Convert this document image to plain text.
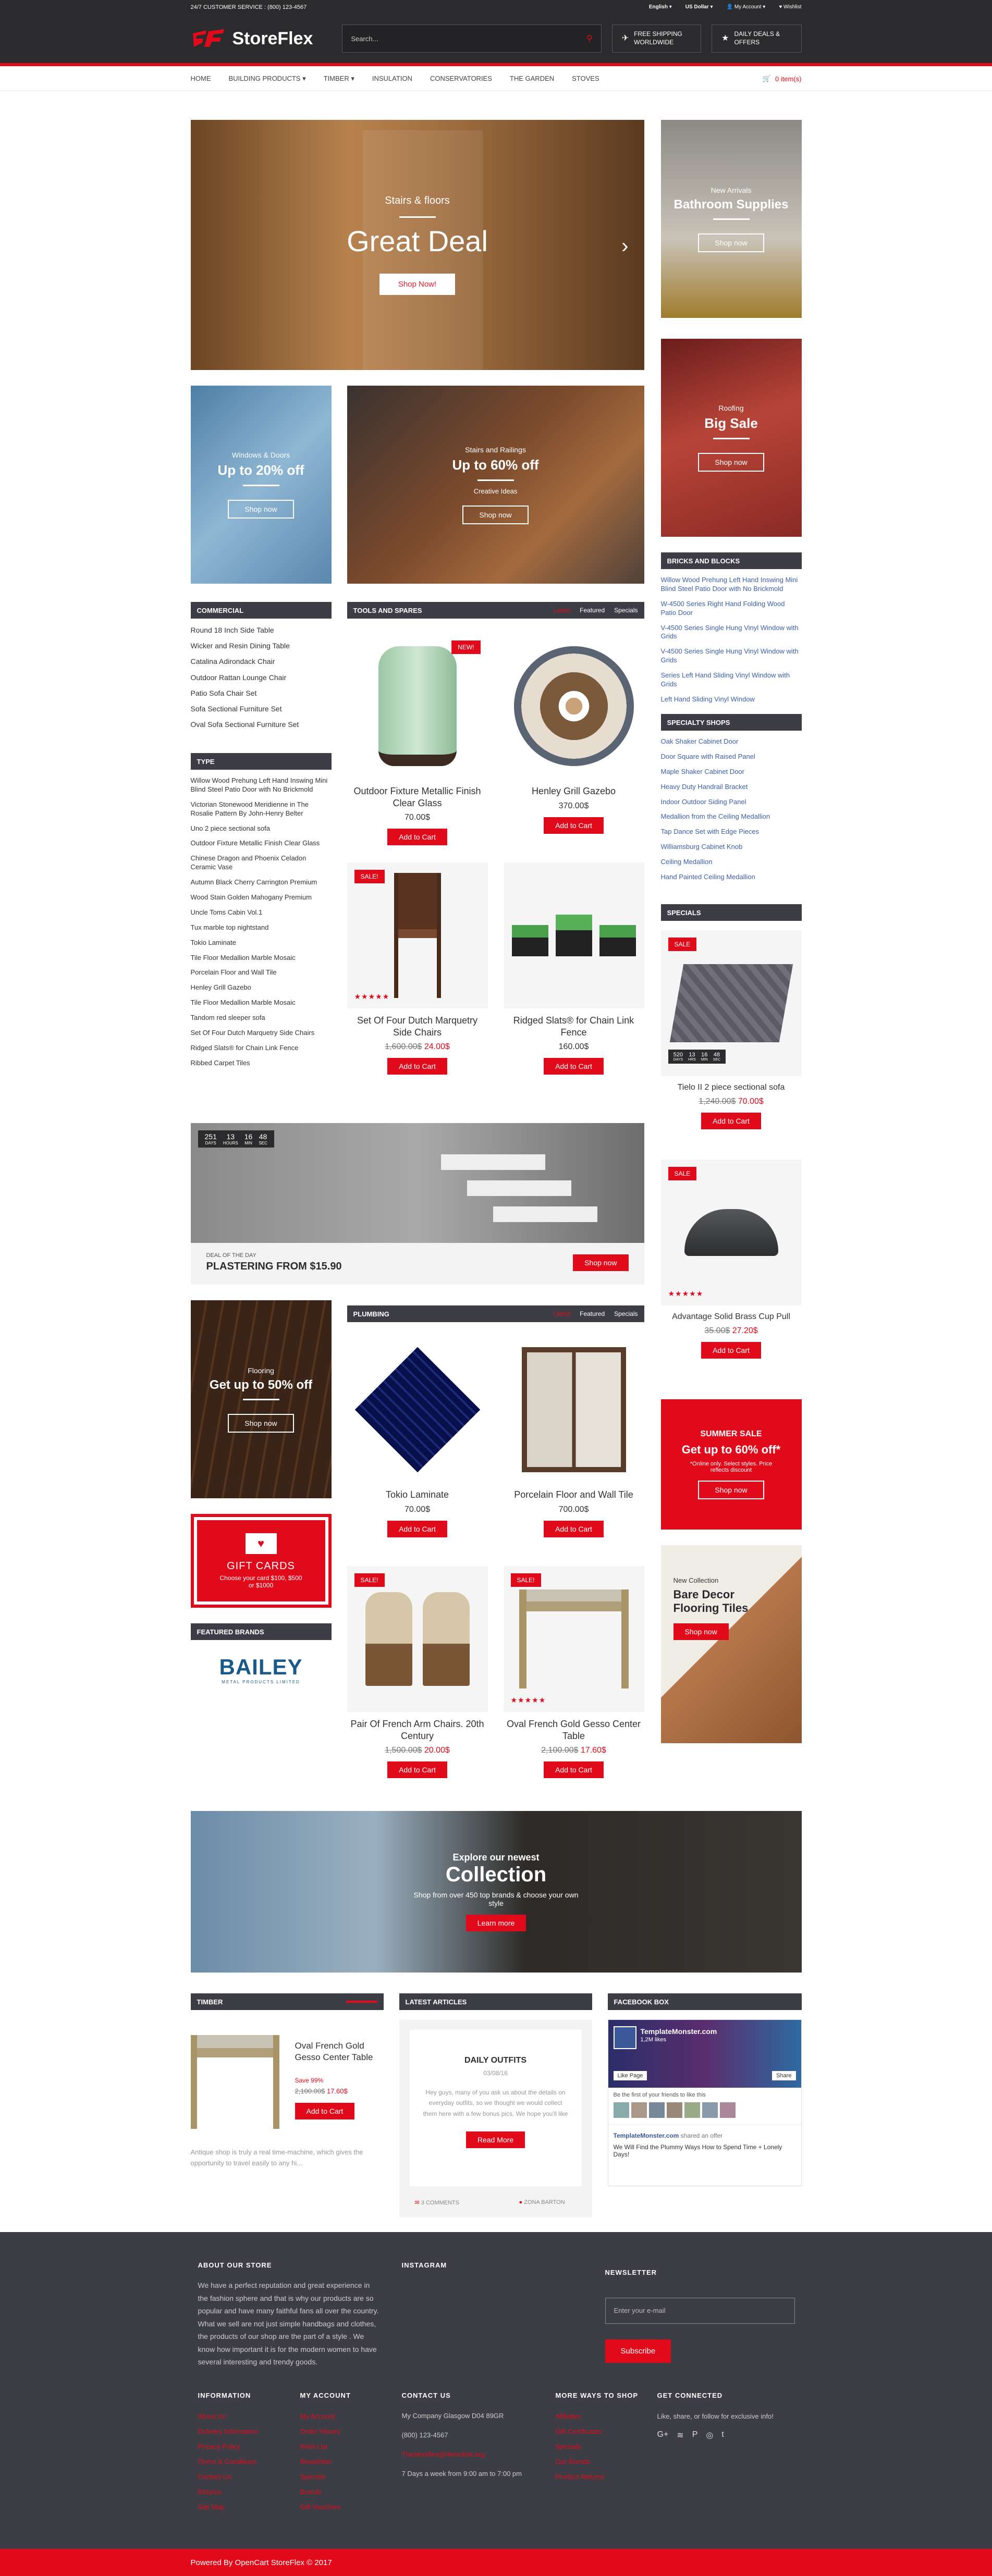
24/7 CUSTOMER SERVICE : (800) 123-4567	English ▾	US Dollar ▾	👤 My Account ▾	♥ Wishlist
StoreFlex	Search...	⚲	✈ FREE SHIPPING WORLDWIDE	★ DAILY DEALS & OFFERS
HOME	BUILDING PRODUCTS ▾	TIMBER ▾	INSULATION	CONSERVATORIES	THE GARDEN	STOVES	🛒 0 item(s)
Stairs & floors
Great Deal
Shop Now!
›
New Arrivals
Bathroom Supplies
Shop now
Windows & Doors
Up to 20% off
Shop now
Stairs and Railings
Up to 60% off
Creative Ideas
Shop now
Roofing
Big Sale
Shop now
COMMERCIAL
Round 18 Inch Side Table
Wicker and Resin Dining Table
Catalina Adirondack Chair
Outdoor Rattan Lounge Chair
Patio Sofa Chair Set
Sofa Sectional Furniture Set
Oval Sofa Sectional Furniture Set
TYPE
Willow Wood Prehung Left Hand Inswing Mini Blind Steel Patio Door with No Brickmold
Victorian Stonewood Meridienne in The Rosalie Pattern By John-Henry Belter
Uno 2 piece sectional sofa
Outdoor Fixture Metallic Finish Clear Glass
Chinese Dragon and Phoenix Celadon Ceramic Vase
Autumn Black Cherry Carrington Premium
Wood Stain Golden Mahogany Premium
Uncle Toms Cabin Vol.1
Tux marble top nightstand
Tokio Laminate
Tile Floor Medallion Marble Mosaic
Porcelain Floor and Wall Tile
Henley Grill Gazebo
Tile Floor Medallion Marble Mosaic
Tandom red sleeper sofa
Set Of Four Dutch Marquetry Side Chairs
Ridged Slats® for Chain Link Fence
Ribbed Carpet Tiles
BRICKS AND BLOCKS
Willow Wood Prehung Left Hand Inswing Mini Blind Steel Patio Door with No Brickmold
W-4500 Series Right Hand Folding Wood Patio Door
V-4500 Series Single Hung Vinyl Window with Grids
V-4500 Series Single Hung Vinyl Window with Grids
Series Left Hand Sliding Vinyl Window with Grids
Left Hand Sliding Vinyl Window
SPECIALTY SHOPS
Oak Shaker Cabinet Door
Door Square with Raised Panel
Maple Shaker Cabinet Door
Heavy Duty Handrail Bracket
Indoor Outdoor Siding Panel
Medallion from the Ceiling Medallion
Tap Dance Set with Edge Pieces
Williamsburg Cabinet Knob
Ceiling Medallion
Hand Painted Ceiling Medallion
SPECIALS
SALE
520
DAYS
13
HRS
16
MIN
48
SEC
Tielo II 2 piece sectional sofa
1,240.00$ 70.00$
Add to Cart
SALE
★★★★★
Advantage Solid Brass Cup Pull
35.00$ 27.20$
Add to Cart
SUMMER SALE
Get up to 60% off*
*Online only. Select styles. Price reflects discount
Shop now
New Collection
Bare Decor Flooring Tiles
Shop now
TOOLS AND SPARES	Latest Featured Specials
NEW!
Outdoor Fixture Metallic Finish Clear Glass
70.00$
Add to Cart
Henley Grill Gazebo
370.00$
Add to Cart
SALE!
★★★★★
Set Of Four Dutch Marquetry Side Chairs
1,600.00$ 24.00$
Add to Cart
Ridged Slats® for Chain Link Fence
160.00$
Add to Cart
251
DAYS
13
HOURS
16
MIN
48
SEC
DEAL OF THE DAY
PLASTERING FROM $15.90	Shop now
Flooring
Get up to 50% off
Shop now
♥
GIFT CARDS
Choose your card $100, $500 or $1000
FEATURED BRANDS
BAILEY
METAL PRODUCTS LIMITED
PLUMBING	Latest Featured Specials
Tokio Laminate
70.00$
Add to Cart
Porcelain Floor and Wall Tile
700.00$
Add to Cart
SALE!
Pair Of French Arm Chairs. 20th Century
1,500.00$ 20.00$
Add to Cart
SALE!
★★★★★
Oval French Gold Gesso Center Table
2,100.00$ 17.60$
Add to Cart
Explore our newest
Collection
Shop from over 450 top brands & choose your own style
Learn more
TIMBER
Oval French Gold Gesso Center Table
Save 99%
2,100.00$ 17.60$
Add to Cart
Antique shop is truly a real time-machine, which gives the opportunity to travel easily to any hi...
LATEST ARTICLES
DAILY OUTFITS
03/08/16
Hey guys, many of you ask us about the details on everyday outfits, so we thought we would collect them here with a few bonus pics. We hope you'll like
Read More
✉ 3 COMMENTS	● ZONA BARTON
FACEBOOK BOX
TemplateMonster.com
1,2M likes
Like Page	Share
Be the first of your friends to like this
TemplateMonster.com shared an offer
We Will Find the Plummy Ways How to Spend Time + Lonely Days!
ABOUT OUR STORE
We have a perfect reputation and great experience in the fashion sphere and that is why our products are so popular and have many faithful fans all over the country. What we sell are not just simple handbags and clothes, the products of our shop are the part of a style . We know how important it is for the modern women to have several interesting and trendy goods.
INSTAGRAM
NEWSLETTER
Enter your e-mail
Subscribe
INFORMATION
About Us
Delivery Information
Privacy Policy
Terms & Conditions
Contact Us
Returns
Site Map
MY ACCOUNT
My Account
Order History
Wish List
Newsletter
Specials
Brands
Gift Vouchers
CONTACT US
My Company Glasgow D04 89GR
(800) 123-4567
Thestoreflex@demolink.org
7 Days a week from 9:00 am to 7:00 pm
MORE WAYS TO SHOP
Affiliates
Gift Certificates
Specials
Our Brands
Product Returns
GET CONNECTED
Like, share, or follow for exclusive info!
G+ ≋ P ◎ t
Powered By OpenCart StoreFlex © 2017
